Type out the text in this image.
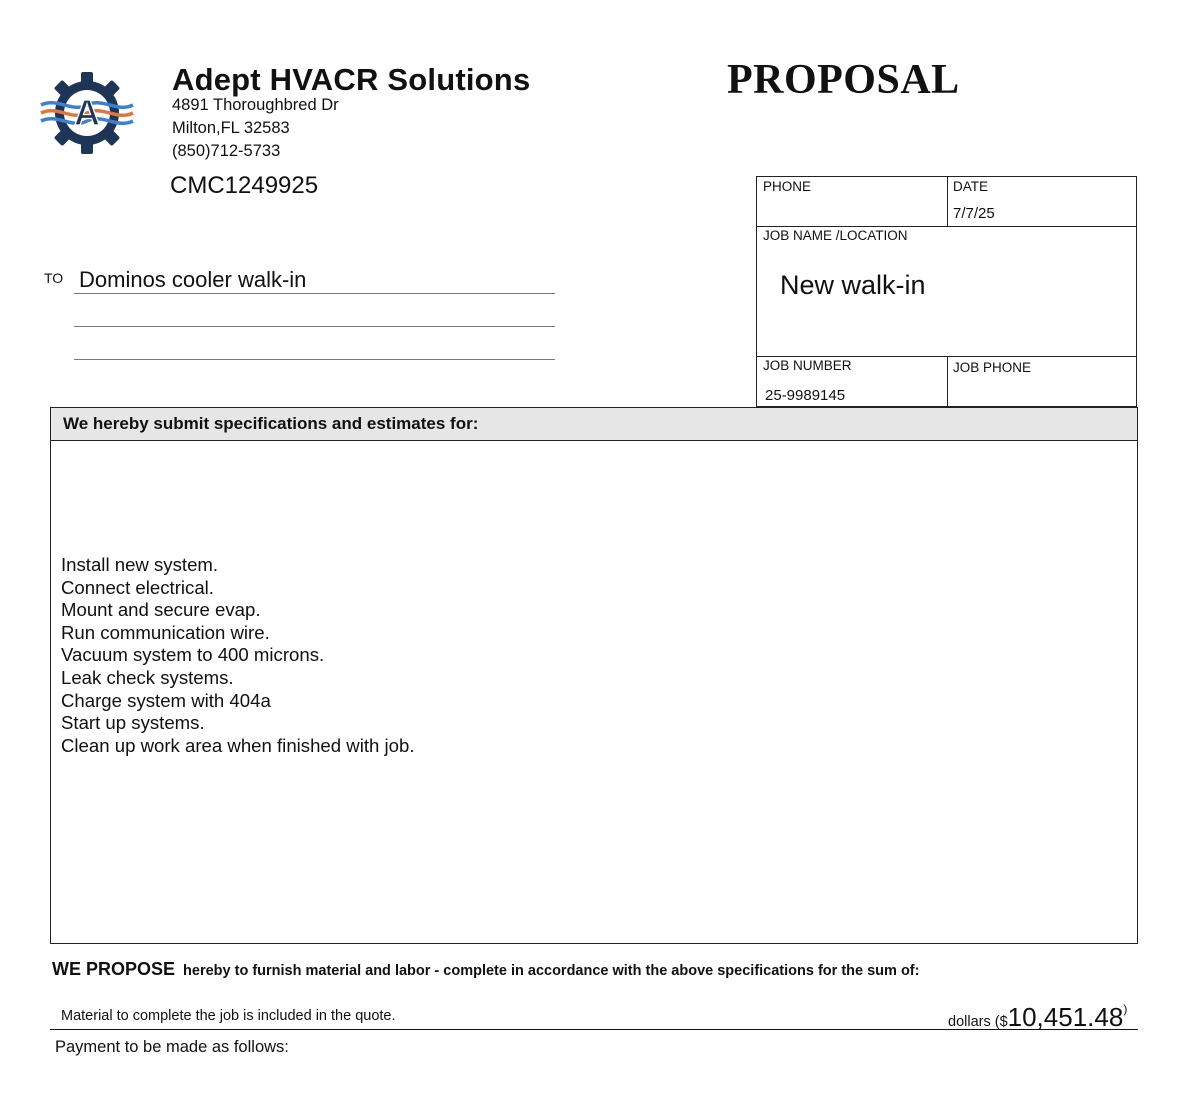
A
Adept HVACR Solutions
4891 Thoroughbred Dr
Milton,FL 32583
(850)712-5733
CMC1249925
PROPOSAL
TO Dominos cooler walk-in
PHONE	DATE
7/7/25
JOB NAME /LOCATION
New walk-in
JOB NUMBER
25-9989145
JOB PHONE
We hereby submit specifications and estimates for:
Install new system.
Connect electrical.
Mount and secure evap.
Run communication wire.
Vacuum system to 400 microns.
Leak check systems.
Charge system with 404a
Start up systems.
Clean up work area when finished with job.
WE PROPOSE hereby to furnish material and labor - complete in accordance with the above specifications for the sum of:
Material to complete the job is included in the quote.	dollars ($10,451.48)
Payment to be made as follows:
